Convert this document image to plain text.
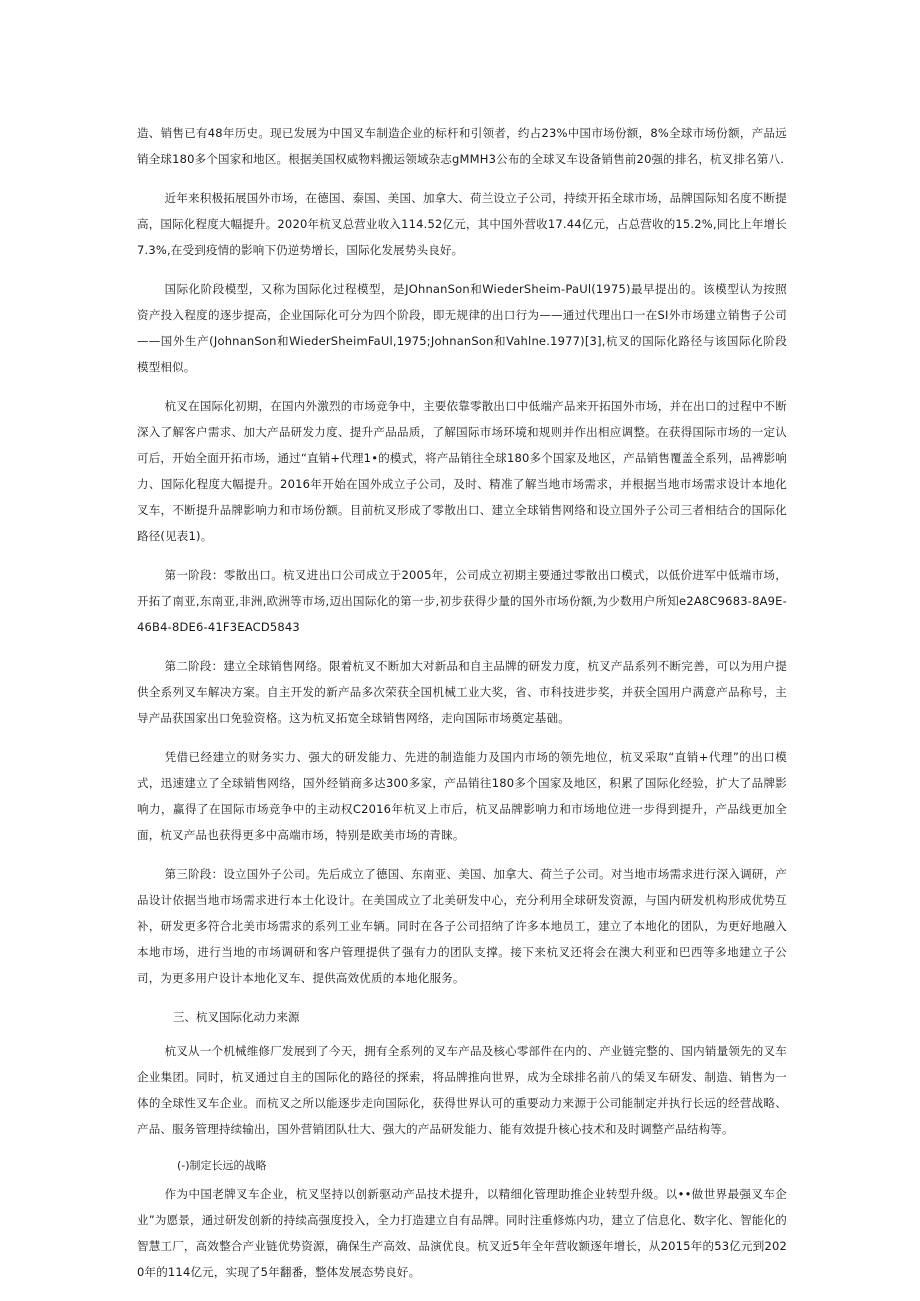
造、销售已有48年历史。现已发展为中国叉车制造企业的标杆和引领者，约占23%中国市场份额，8%全球市场份额，产品远销全球180多个国家和地区。根据美国权威物料搬运领域杂志gMMH3公布的全球叉车设备销售前20强的排名，杭叉排名第八.

近年来积极拓展国外市场，在德国、泰国、美国、加拿大、荷兰设立子公司，持续开拓全球市场，品牌国际知名度不断提高，国际化程度大幅提升。2020年杭叉总营业收入114.52亿元，其中国外营收17.44亿元，占总营收的15.2%,同比上年增长7.3%,在受到疫情的影响下仍逆势增长，国际化发展势头良好。

国际化阶段模型，又称为国际化过程模型，是JOhnanSon和WiederSheim-PaUl(1975)最早提出的。该模型认为按照资产投入程度的逐步提高，企业国际化可分为四个阶段，即无规律的出口行为——通过代理出口一在SI外市场建立销售子公司——国外生产(JohnanSon和WiederSheimFaUl,1975;JohnanSon和Vahlne.1977)[3],杭叉的国际化路径与该国际化阶段模型相似。

杭叉在国际化初期，在国内外激烈的市场竞争中，主要依靠零散出口中低端产品来开拓国外市场，并在出口的过程中不断深入了解客户需求、加大产品研发力度、提升产品品质，了解国际市场环境和规则并作出相应调整。在获得国际市场的一定认可后，开始全面开拓市场，通过“直销+代理1•的模式，将产品销往全球180多个国家及地区，产品销售覆盖全系列，品裨影响力、国际化程度大幅提升。2016年开始在国外成立子公司，及时、精准了解当地市场需求，并根据当地市场需求设计本地化叉车，不断提升品牌影响力和市场份额。目前杭叉形成了零散出口、建立全球销售网络和设立国外子公司三者相结合的国际化路径(见表1)。

第一阶段：零散出口。杭叉进出口公司成立于2005年，公司成立初期主要通过零散出口模式，以低价进军中低端市场，开拓了南亚,东南亚,非洲,欧洲等市场,迈出国际化的第一步,初步获得少量的国外市场份额,为少数用户所知e2A8C9683-8A9E-46B4-8DE6-41F3EACD5843

第二阶段：建立全球销售网络。限着杭叉不断加大对新品和自主品牌的研发力度，杭叉产品系列不断完善，可以为用户提供全系列叉车解决方案。自主开发的新产品多次荣获全国机械工业大奖，省、市科技进步奖，并获全国用户满意产品称号，主导产品获国家出口免验资格。这为杭叉拓宽全球销售网络，走向国际市场奠定基础。

凭借已经建立的财务实力、强大的研发能力、先进的制造能力及国内市场的领先地位，杭叉采取“直销+代理”的出口模式，迅速建立了全球销售网络，国外经销商多达300多家，产品销往180多个国家及地区，积累了国际化经验，扩大了品牌影响力，赢得了在国际市场竞争中的主动权C2016年杭叉上市后，杭叉品牌影响力和市场地位进一步得到提升，产品线更加全面，杭叉产品也获得更多中高端市场，特别是欧美市场的青睐。

第三阶段：设立国外子公司。先后成立了德国、东南亚、美国、加拿大、荷兰子公司。对当地市场需求进行深入调研，产品设计依据当地市场需求进行本土化设计。在美国成立了北美研发中心，充分利用全球研发资源，与国内研发机构形成优势互补，研发更多符合北美市场需求的系列工业车辆。同时在各子公司招纳了许多本地员工，建立了本地化的团队，为更好地融入本地市场，进行当地的市场调研和客户管理提供了强有力的团队支撑。接下来杭叉还将会在澳大利亚和巴西等多地建立子公司，为更多用户设计本地化叉车、提供高效优质的本地化服务。

三、杭叉国际化动力来源

杭叉从一个机械维修厂发展到了今天，拥有全系列的叉车产品及核心零部件在内的、产业链完整的、国内销量领先的叉车企业集团。同时，杭叉通过自主的国际化的路径的探索，将品牌推向世界，成为全球排名前八的栠叉车研发、制造、销售为一体的全球性叉车企业。而杭叉之所以能逐步走向国际化，获得世界认可的重要动力来源于公司能制定并执行长远的经营战略、产品、服务管理持续输出，国外营销团队壮大、强大的产品研发能力、能有效提升核心技术和及时调整产品结构等。

(-)制定长远的战略

作为中国老牌叉车企业，杭叉坚持以创新驱动产品技术提升，以精细化管理助推企业转型升级。以••做世界最强叉车企业”为愿景，通过研发创新的持续高强度投入，全力打造建立自有品牌。同时注重修炼内功，建立了信息化、数字化、智能化的智慧工厂，高效整合产业链优势资源，确保生产高效、品演优良。杭叉近5年全年营收额逐年增长，从2015年的53亿元到2020年的114亿元，实现了5年翻番，整体发展态势良好。
